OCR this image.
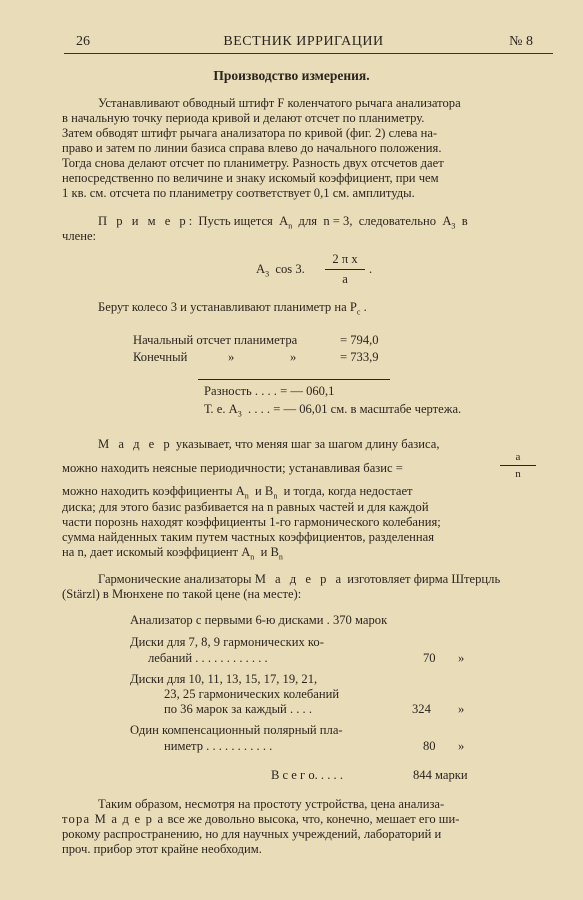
26	ВЕСТНИК ИРРИГАЦИИ	№ 8
Производство измерения.
Устанавливают обводный штифт F коленчатого рычага анализатора
в начальную точку периода кривой и делают отсчет по планиметру.
Затем обводят штифт рычага анализатора по кривой (фиг. 2) слева на-
право и затем по линии базиса справа влево до начального положения.
Тогда снова делают отсчет по планиметру. Разность двух отсчетов дает
непосредственно по величине и знаку искомый коэффициент, при чем
1 кв. см. отсчета по планиметру соответствует 0,1 см. амплитуды.
П р и м е р: Пусть ищется $A_n$ для n = 3, следовательно $A_3$ в
члене:
$A_3$ cos 3. $\frac{\text{2 π x}}{a}$ .
Берут колесо 3 и устанавливают планиметр на $P_c$ .
Начальный отсчет планиметра	= 794,0
Конечный	»	»	= 733,9
Разность . . . . = — 060,1
Т. е. $A_3$ . . . . = — 06,01 см. в масштабе чертежа.
М а д е р указывает, что меняя шаг за шагом длину базиса,
a
n
можно находить неясные периодичности; устанавливая базис =
можно находить коэффициенты $A_n$ и $B_n$ и тогда, когда недостает
диска; для этого базис разбивается на n равных частей и для каждой
части порознь находят коэффициенты 1-го гармонического колебания;
сумма найденных таким путем частных коэффициентов, разделенная
на n, дает искомый коэффициент $A_n$ и $B_n$
Гармонические анализаторы М а д е р а изготовляет фирма Штерцль
(Stärzl) в Мюнхене по такой цене (на месте):
Анализатор с первыми 6-ю дисками . 370 марок
Диски для 7, 8, 9 гармонических ко-
лебаний . . . . . . . . . . . .	70 »
Диски для 10, 11, 13, 15, 17, 19, 21,
23, 25 гармонических колебаний
по 36 марок за каждый . . . .	324 »
Один компенсационный полярный пла-
ниметр . . . . . . . . . . .	80 »
В с е г о. . . . .	844 марки
Таким образом, несмотря на простоту устройства, цена анализа-
тора М а д е р а все же довольно высока, что, конечно, мешает его ши-
рокому распространению, но для научных учреждений, лабораторий и
проч. прибор этот крайне необходим.
